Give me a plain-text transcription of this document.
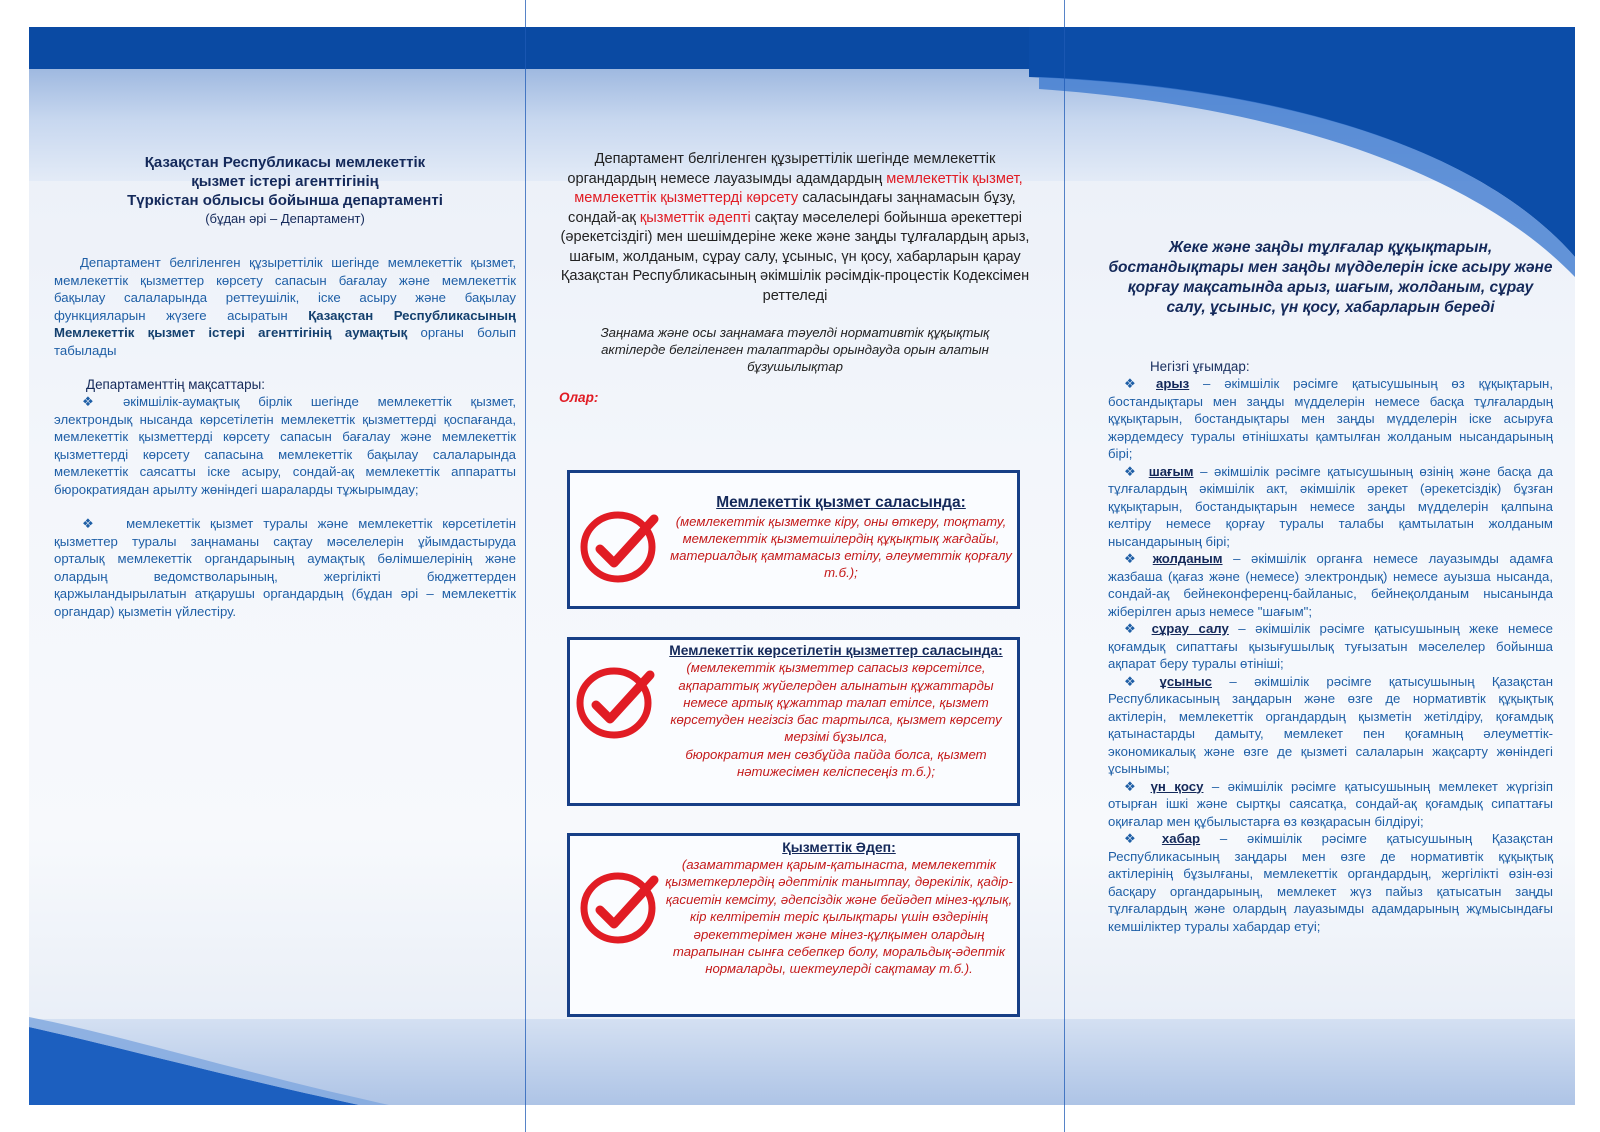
Қазақстан Республикасы мемлекеттік

қызмет істері агенттігінің

Түркістан облысы бойынша департаменті

(бұдан әрі – Департамент)

Департамент белгіленген құзыреттілік шегінде мемлекеттік қызмет, мемлекеттік қызметтер көрсету сапасын бағалау және мемлекеттік бақылау салаларында реттеушілік, іске асыру және бақылау функцияларын жүзеге асыратын Қазақстан Республикасының Мемлекеттік қызмет істері агенттігінің аумақтық органы болып табылады

Департаменттің мақсаттары:

❖ әкімшілік-аумақтық бірлік шегінде мемлекеттік қызмет, электрондық нысанда көрсетілетін мемлекеттік қызметтерді қоспағанда, мемлекеттік қызметтерді көрсету сапасын бағалау және мемлекеттік қызметтерді көрсету сапасына мемлекеттік бақылау салаларында мемлекеттік саясатты іске асыру, сондай-ақ мемлекеттік аппаратты бюрократиядан арылту жөніндегі шараларды тұжырымдау;

❖ мемлекеттік қызмет туралы және мемлекеттік көрсетілетін қызметтер туралы заңнаманы сақтау мәселелерін ұйымдастыруда орталық мемлекеттік органдарының аумақтық бөлімшелерінің және олардың ведомстволарының, жергілікті бюджеттерден қаржыландырылатын атқарушы органдардың (бұдан әрі – мемлекеттік органдар) қызметін үйлестіру.

Департамент белгіленген құзыреттілік шегінде мемлекеттік органдардың немесе лауазымды адамдардың мемлекеттік қызмет, мемлекеттік қызметтерді көрсету саласындағы заңнамасын бұзу, сондай-ақ қызметтік әдепті сақтау мәселелері бойынша әрекеттері (әрекетсіздігі) мен шешімдеріне жеке және заңды тұлғалардың арыз, шағым, жолданым, сұрау салу, ұсыныс, үн қосу, хабарларын қарау

Қазақстан Республикасының әкімшілік рәсімдік-процестік Кодексімен реттеледі

Заңнама және осы заңнамаға тәуелді нормативтік құқықтық актілерде белгіленген талаптарды орындауда орын алатын бұзушылықтар

Олар:

Мемлекеттік қызмет саласында:

(мемлекеттік қызметке кіру, оны өткеру, тоқтату, мемлекеттік қызметшілердің құқықтық жағдайы, материалдық қамтамасыз етілу, әлеуметтік қорғалу т.б.);

Мемлекеттік көрсетілетін қызметтер саласында: (мемлекеттік қызметтер сапасыз көрсетілсе, ақпараттық жүйелерден алынатын құжаттарды немесе артық құжаттар талап етілсе, қызмет көрсетуден негізсіз бас тартылса, қызмет көрсету мерзімі бұзылса,

бюрократия мен сөзбұйда пайда болса, қызмет нәтижесімен келіспесеңіз т.б.);

Қызметтік Әдеп:

(азаматтармен қарым-қатынаста, мемлекеттік қызметкерлердің әдептілік танытпау, дөрекілік, қадір-қасиетін кемсіту, әдепсіздік және бейәдеп мінез-құлық, кір келтіретін теріс қылықтары үшін өздерінің әрекеттерімен және мінез-құлқымен олардың тарапынан сынға себепкер болу, моральдық-әдептік нормаларды, шектеулерді сақтамау т.б.).

Жеке және заңды тұлғалар құқықтарын, бостандықтары мен заңды мүдделерін іске асыру және қорғау мақсатында арыз, шағым, жолданым, сұрау салу, ұсыныс, үн қосу, хабарларын береді

Негізгі ұғымдар:

❖ арыз – әкімшілік рәсімге қатысушының өз құқықтарын, бостандықтары мен заңды мүдделерін немесе басқа тұлғалардың құқықтарын, бостандықтары мен заңды мүдделерін іске асыруға жәрдемдесу туралы өтінішхаты қамтылған жолданым нысандарының бірі;

❖ шағым – әкімшілік рәсімге қатысушының өзінің және басқа да тұлғалардың әкімшілік акт, әкімшілік әрекет (әрекетсіздік) бұзған құқықтарын, бостандықтарын немесе заңды мүдделерін қалпына келтіру немесе қорғау туралы талабы қамтылатын жолданым нысандарының бірі;

❖ жолданым – әкімшілік органға немесе лауазымды адамға жазбаша (қағаз және (немесе) электрондық) немесе ауызша нысанда, сондай-ақ бейнеконференц-байланыс, бейнеқолданым нысанында жіберілген арыз немесе "шағым";

❖ сұрау салу – әкімшілік рәсімге қатысушының жеке немесе қоғамдық сипаттағы қызығушылық туғызатын мәселелер бойынша ақпарат беру туралы өтініші;

❖ ұсыныс – әкімшілік рәсімге қатысушының Қазақстан Республикасының заңдарын және өзге де нормативтік құқықтық актілерін, мемлекеттік органдардың қызметін жетілдіру, қоғамдық қатынастарды дамыту, мемлекет пен қоғамның әлеуметтік-экономикалық және өзге де қызметі салаларын жақсарту жөніндегі ұсынымы;

❖ үн қосу – әкімшілік рәсімге қатысушының мемлекет жүргізіп отырған ішкі және сыртқы саясатқа, сондай-ақ қоғамдық сипаттағы оқиғалар мен құбылыстарға өз көзқарасын білдіруі;

❖ хабар – әкімшілік рәсімге қатысушының Қазақстан Республикасының заңдары мен өзге де нормативтік құқықтық актілерінің бұзылғаны, мемлекеттік органдардың, жергілікті өзін-өзі басқару органдарының, мемлекет жүз пайыз қатысатын заңды тұлғалардың және олардың лауазымды адамдарының жұмысындағы кемшіліктер туралы хабардар етуі;
